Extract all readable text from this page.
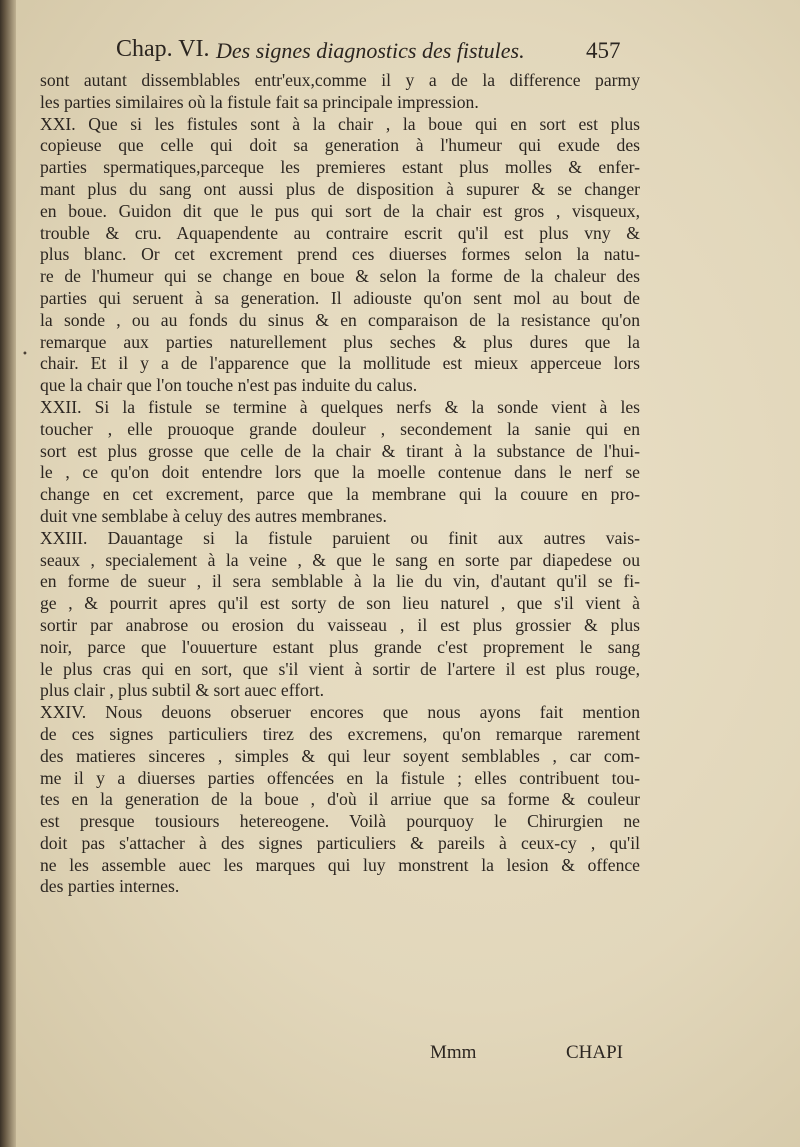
Chap. VI. Des signes diagnostics des fistules.	457
•
sont autant dissemblables entr'eux,comme il y a de la difference parmy
les parties similaires où la fistule fait sa principale impression.
XXI. Que si les fistules sont à la chair , la boue qui en sort est plus
copieuse que celle qui doit sa generation à l'humeur qui exude des
parties spermatiques,parceque les premieres estant plus molles & enfer-
mant plus du sang ont aussi plus de disposition à supurer & se changer
en boue. Guidon dit que le pus qui sort de la chair est gros , visqueux,
trouble & cru. Aquapendente au contraire escrit qu'il est plus vny &
plus blanc. Or cet excrement prend ces diuerses formes selon la natu-
re de l'humeur qui se change en boue & selon la forme de la chaleur des
parties qui seruent à sa generation. Il adiouste qu'on sent mol au bout de
la sonde , ou au fonds du sinus & en comparaison de la resistance qu'on
remarque aux parties naturellement plus seches & plus dures que la
chair. Et il y a de l'apparence que la mollitude est mieux apperceue lors
que la chair que l'on touche n'est pas induite du calus.
XXII. Si la fistule se termine à quelques nerfs & la sonde vient à les
toucher , elle prouoque grande douleur , secondement la sanie qui en
sort est plus grosse que celle de la chair & tirant à la substance de l'hui-
le , ce qu'on doit entendre lors que la moelle contenue dans le nerf se
change en cet excrement, parce que la membrane qui la couure en pro-
duit vne semblabe à celuy des autres membranes.
XXIII. Dauantage si la fistule paruient ou finit aux autres vais-
seaux , specialement à la veine , & que le sang en sorte par diapedese ou
en forme de sueur , il sera semblable à la lie du vin, d'autant qu'il se fi-
ge , & pourrit apres qu'il est sorty de son lieu naturel , que s'il vient à
sortir par anabrose ou erosion du vaisseau , il est plus grossier & plus
noir, parce que l'ouuerture estant plus grande c'est proprement le sang
le plus cras qui en sort, que s'il vient à sortir de l'artere il est plus rouge,
plus clair , plus subtil & sort auec effort.
XXIV. Nous deuons obseruer encores que nous ayons fait mention
de ces signes particuliers tirez des excremens, qu'on remarque rarement
des matieres sinceres , simples & qui leur soyent semblables , car com-
me il y a diuerses parties offencées en la fistule ; elles contribuent tou-
tes en la generation de la boue , d'où il arriue que sa forme & couleur
est presque tousiours hetereogene. Voilà pourquoy le Chirurgien ne
doit pas s'attacher à des signes particuliers & pareils à ceux-cy , qu'il
ne les assemble auec les marques qui luy monstrent la lesion & offence
des parties internes.
Mmm	CHAPI
